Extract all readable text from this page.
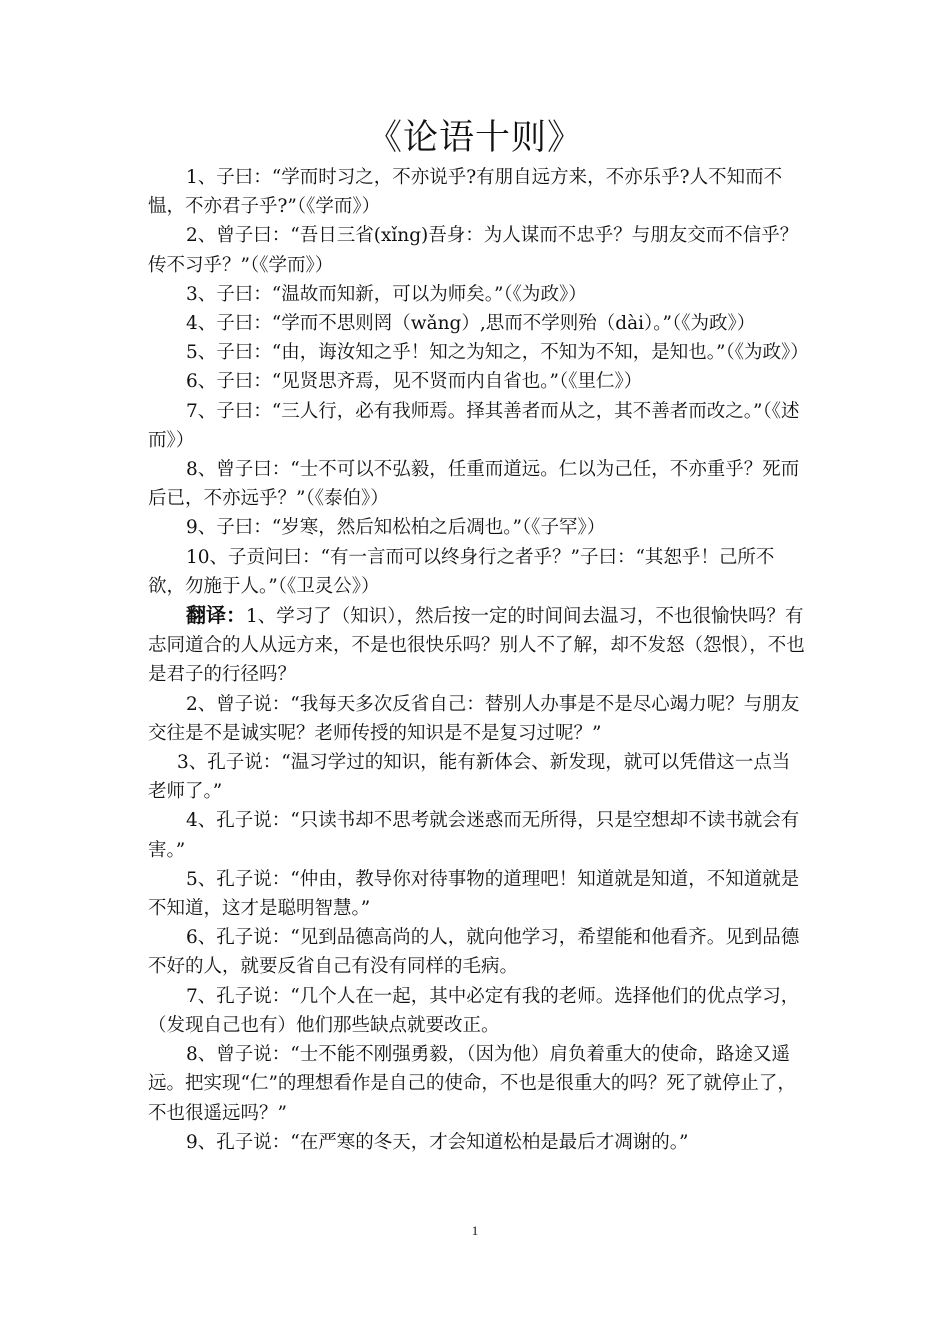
《论语十则》

1、子曰：“学而时习之，不亦说乎?有朋自远方来，不亦乐乎?人不知而不愠，不亦君子乎?”（《学而》）

2、曾子曰：“吾日三省(xǐng)吾身：为人谋而不忠乎？与朋友交而不信乎？传不习乎？”（《学而》）

3、子曰：“温故而知新，可以为师矣。”（《为政》）

4、子曰：“学而不思则罔（wǎng）,思而不学则殆（dài）。”（《为政》）

5、子曰：“由，诲汝知之乎！知之为知之，不知为不知，是知也。”（《为政》）

6、子曰：“见贤思齐焉，见不贤而内自省也。”（《里仁》）

7、子曰：“三人行，必有我师焉。择其善者而从之，其不善者而改之。”（《述而》）

8、曾子曰：“士不可以不弘毅，任重而道远。仁以为己任，不亦重乎？死而后已，不亦远乎？”（《泰伯》）

9、子曰：“岁寒，然后知松柏之后凋也。”（《子罕》）

10、子贡问曰：“有一言而可以终身行之者乎？”子曰：“其恕乎！己所不欲，勿施于人。”（《卫灵公》）

翻译：1、学习了（知识），然后按一定的时间间去温习，不也很愉快吗？有志同道合的人从远方来，不是也很快乐吗？别人不了解，却不发怒（怨恨），不也是君子的行径吗？

2、曾子说：“我每天多次反省自己：替别人办事是不是尽心竭力呢？与朋友交往是不是诚实呢？老师传授的知识是不是复习过呢？”

3、孔子说：“温习学过的知识，能有新体会、新发现，就可以凭借这一点当老师了。”

4、孔子说：“只读书却不思考就会迷惑而无所得，只是空想却不读书就会有害。”

5、孔子说：“仲由，教导你对待事物的道理吧！知道就是知道，不知道就是不知道，这才是聪明智慧。”

6、孔子说：“见到品德高尚的人，就向他学习，希望能和他看齐。见到品德不好的人，就要反省自己有没有同样的毛病。

7、孔子说：“几个人在一起，其中必定有我的老师。选择他们的优点学习，（发现自己也有）他们那些缺点就要改正。

8、曾子说：“士不能不刚强勇毅，（因为他）肩负着重大的使命，路途又遥远。把实现“仁”的理想看作是自己的使命，不也是很重大的吗？死了就停止了，不也很遥远吗？”

9、孔子说：“在严寒的冬天，才会知道松柏是最后才凋谢的。”

1
